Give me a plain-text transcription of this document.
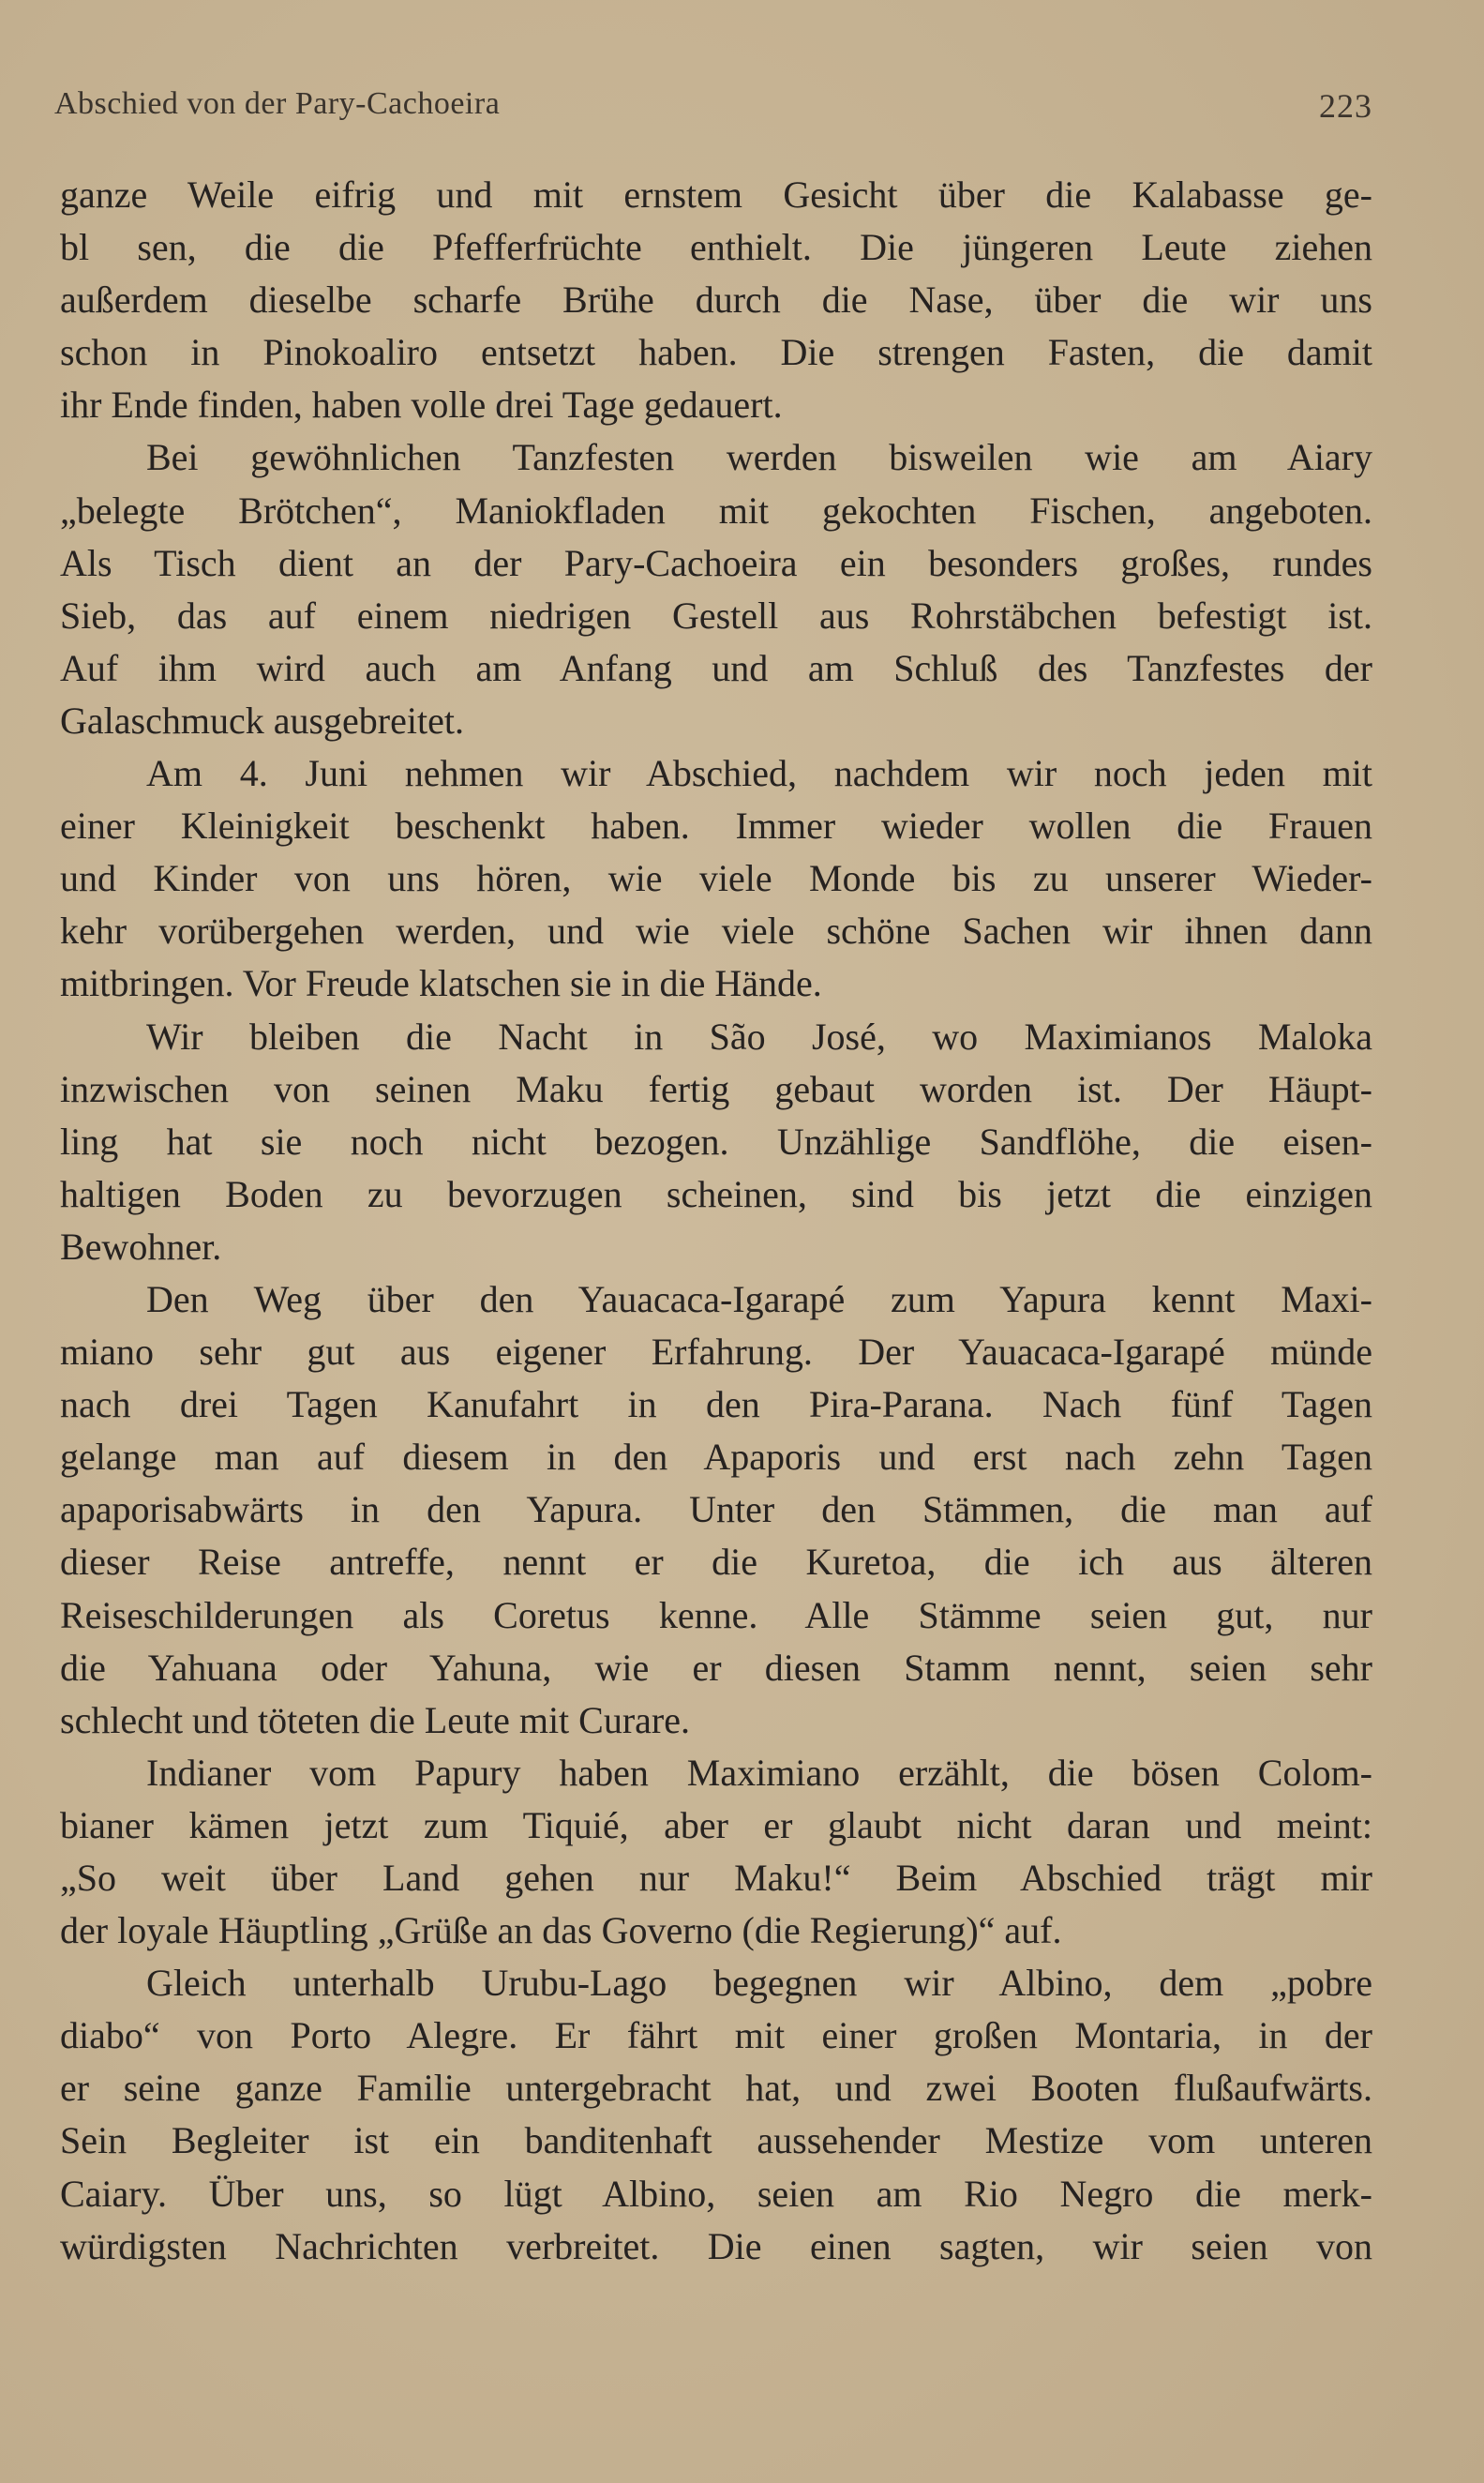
Abschied von der Pary-Cachoeira	223
ganze Weile eifrig und mit ernstem Gesicht über die Kalabasse ge-
bl sen, die die Pfefferfrüchte enthielt. Die jüngeren Leute ziehen
außerdem dieselbe scharfe Brühe durch die Nase, über die wir uns
schon in Pinokoaliro entsetzt haben. Die strengen Fasten, die damit
ihr Ende finden, haben volle drei Tage gedauert.
Bei gewöhnlichen Tanzfesten werden bisweilen wie am Aiary
„belegte Brötchen“, Maniokfladen mit gekochten Fischen, angeboten.
Als Tisch dient an der Pary-Cachoeira ein besonders großes, rundes
Sieb, das auf einem niedrigen Gestell aus Rohrstäbchen befestigt ist.
Auf ihm wird auch am Anfang und am Schluß des Tanzfestes der
Galaschmuck ausgebreitet.
Am 4. Juni nehmen wir Abschied, nachdem wir noch jeden mit
einer Kleinigkeit beschenkt haben. Immer wieder wollen die Frauen
und Kinder von uns hören, wie viele Monde bis zu unserer Wieder-
kehr vorübergehen werden, und wie viele schöne Sachen wir ihnen dann
mitbringen. Vor Freude klatschen sie in die Hände.
Wir bleiben die Nacht in São José, wo Maximianos Maloka
inzwischen von seinen Maku fertig gebaut worden ist. Der Häupt-
ling hat sie noch nicht bezogen. Unzählige Sandflöhe, die eisen-
haltigen Boden zu bevorzugen scheinen, sind bis jetzt die einzigen
Bewohner.
Den Weg über den Yauacaca-Igarapé zum Yapura kennt Maxi-
miano sehr gut aus eigener Erfahrung. Der Yauacaca-Igarapé münde
nach drei Tagen Kanufahrt in den Pira-Parana. Nach fünf Tagen
gelange man auf diesem in den Apaporis und erst nach zehn Tagen
apaporisabwärts in den Yapura. Unter den Stämmen, die man auf
dieser Reise antreffe, nennt er die Kuretoa, die ich aus älteren
Reiseschilderungen als Coretus kenne. Alle Stämme seien gut, nur
die Yahuana oder Yahuna, wie er diesen Stamm nennt, seien sehr
schlecht und töteten die Leute mit Curare.
Indianer vom Papury haben Maximiano erzählt, die bösen Colom-
bianer kämen jetzt zum Tiquié, aber er glaubt nicht daran und meint:
„So weit über Land gehen nur Maku!“ Beim Abschied trägt mir
der loyale Häuptling „Grüße an das Governo (die Regierung)“ auf.
Gleich unterhalb Urubu-Lago begegnen wir Albino, dem „pobre
diabo“ von Porto Alegre. Er fährt mit einer großen Montaria, in der
er seine ganze Familie untergebracht hat, und zwei Booten flußaufwärts.
Sein Begleiter ist ein banditenhaft aussehender Mestize vom unteren
Caiary. Über uns, so lügt Albino, seien am Rio Negro die merk-
würdigsten Nachrichten verbreitet. Die einen sagten, wir seien von
